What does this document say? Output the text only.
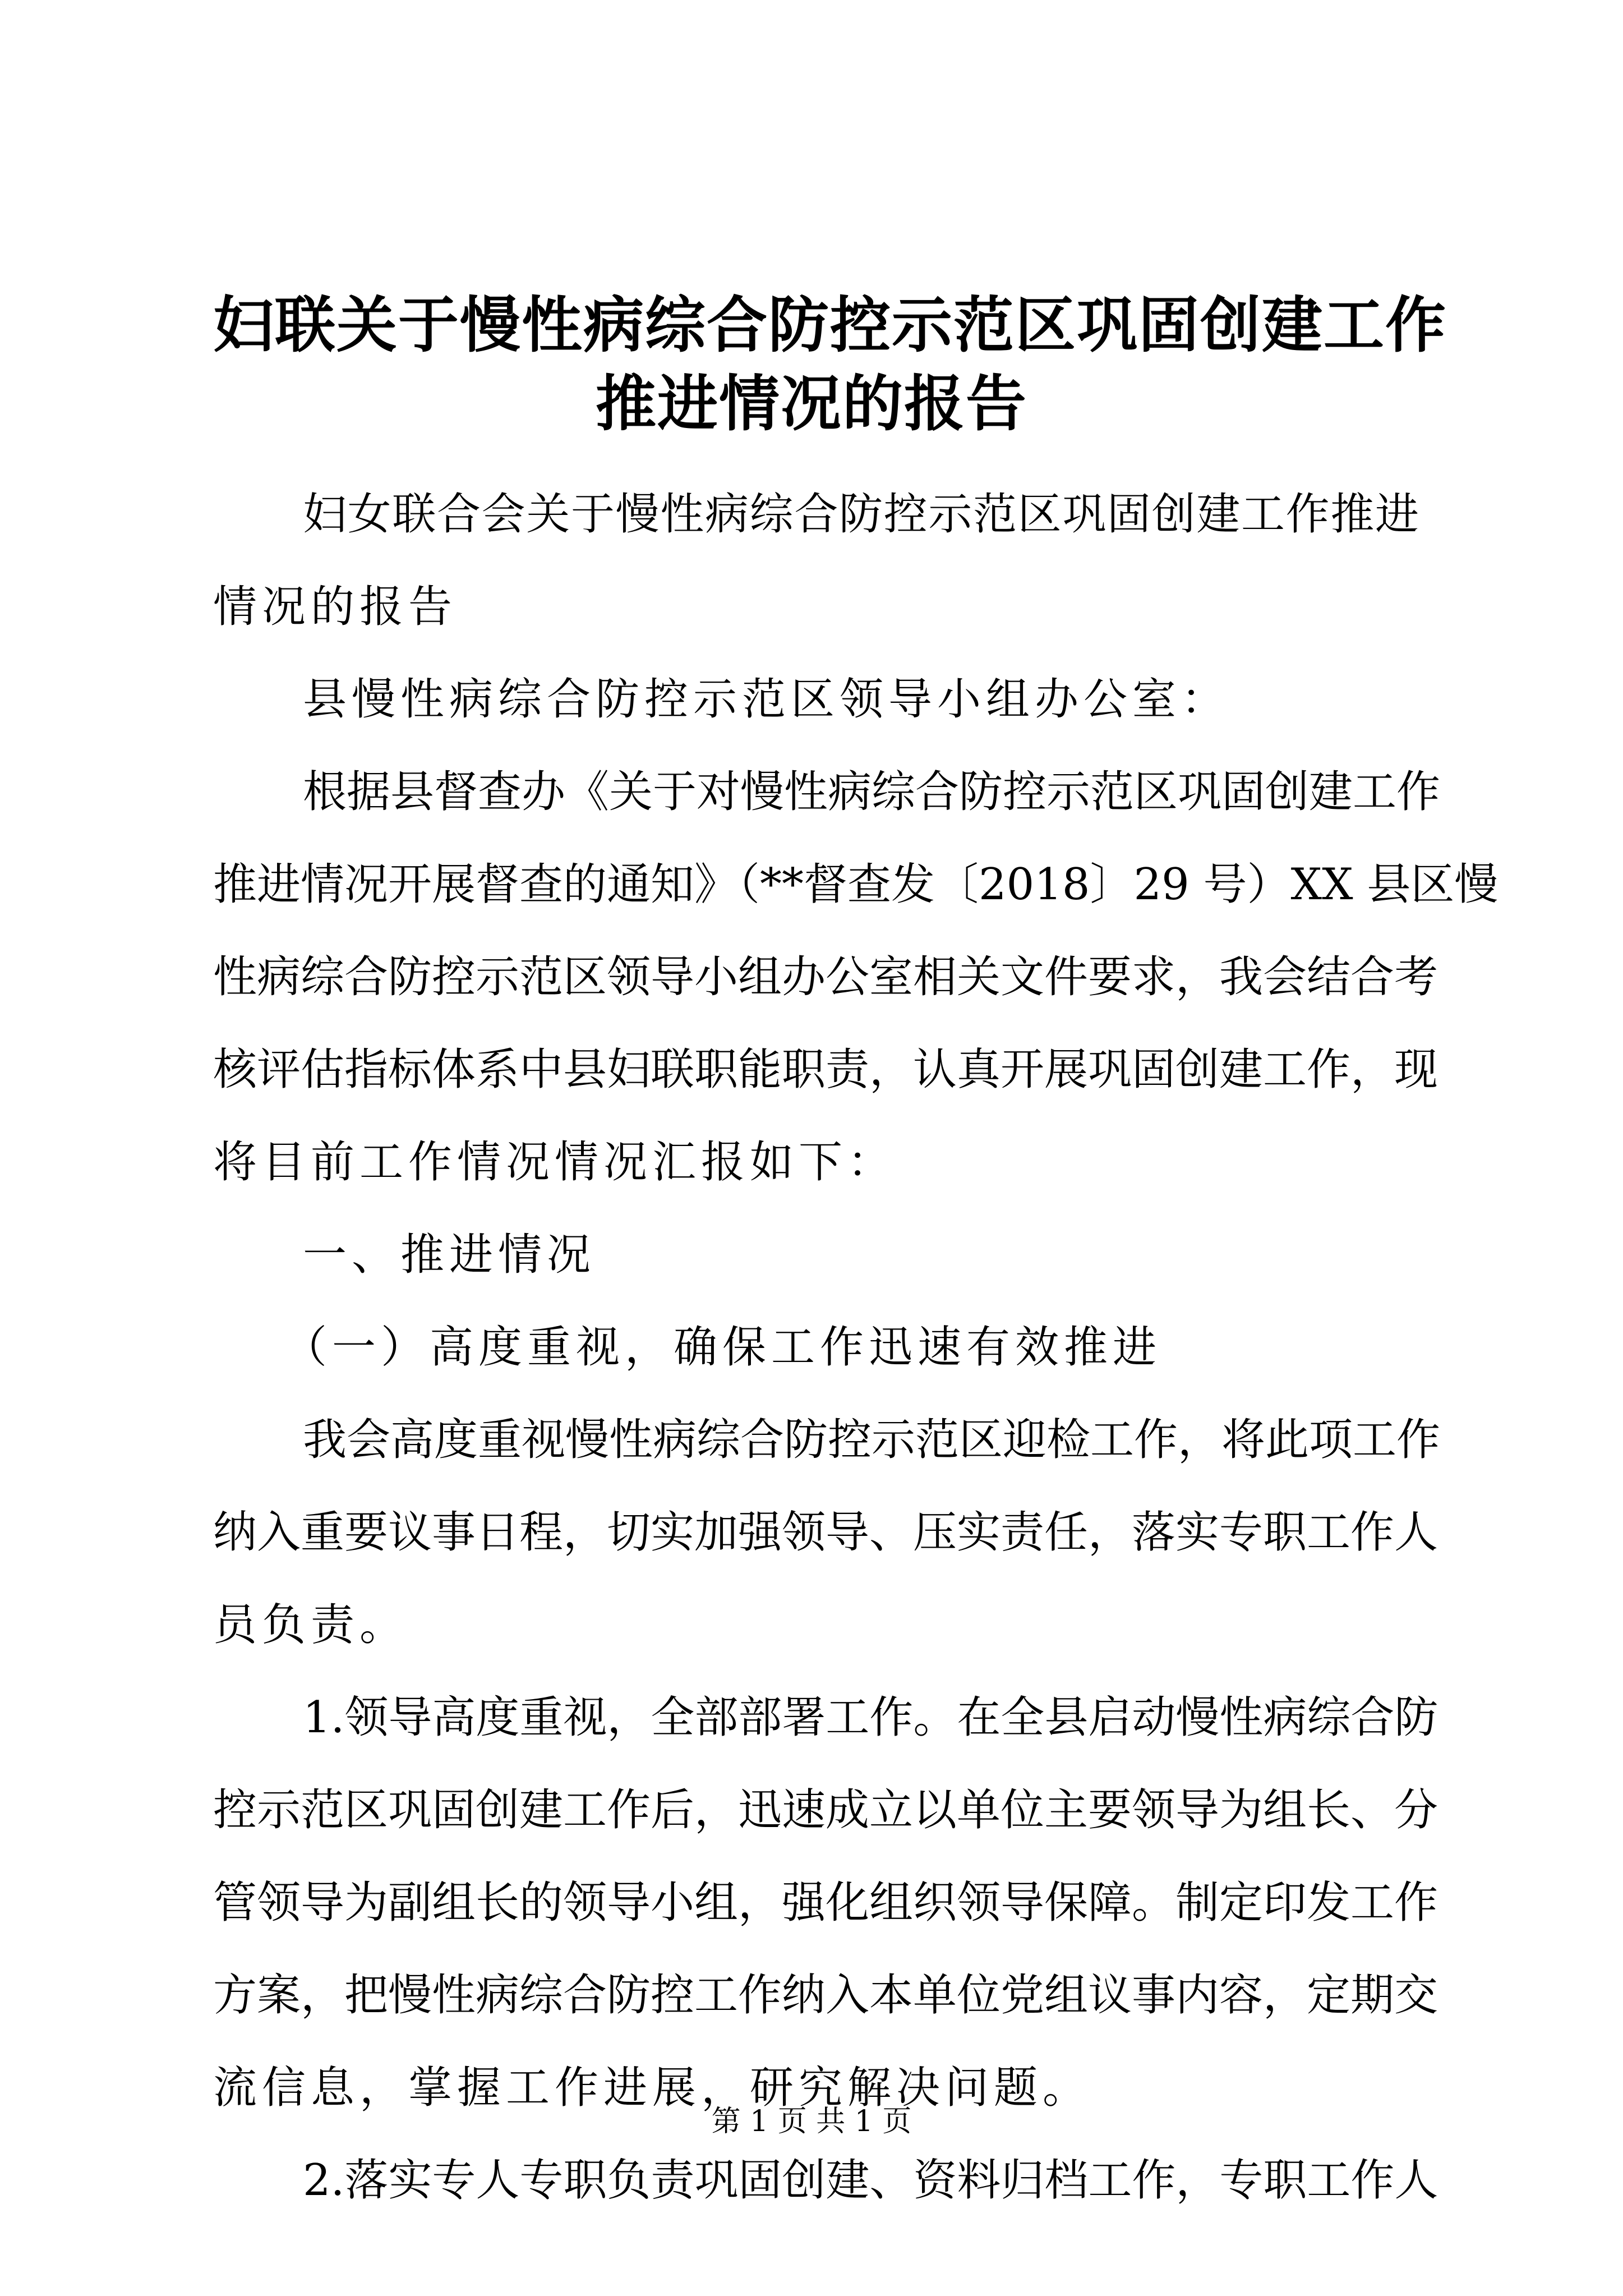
妇联关于慢性病综合防控示范区巩固创建工作
推进情况的报告
妇女联合会关于慢性病综合防控示范区巩固创建工作推进
情况的报告
县慢性病综合防控示范区领导小组办公室：
根据县督查办《关于对慢性病综合防控示范区巩固创建工作
推进情况开展督查的通知》（**督查发〔2018〕29 号）XX 县区慢
性病综合防控示范区领导小组办公室相关文件要求，我会结合考
核评估指标体系中县妇联职能职责，认真开展巩固创建工作，现
将目前工作情况情况汇报如下：
一、推进情况
（一）高度重视，确保工作迅速有效推进
我会高度重视慢性病综合防控示范区迎检工作，将此项工作
纳入重要议事日程，切实加强领导、压实责任，落实专职工作人
员负责。
1.领导高度重视，全部部署工作。在全县启动慢性病综合防
控示范区巩固创建工作后，迅速成立以单位主要领导为组长、分
管领导为副组长的领导小组，强化组织领导保障。制定印发工作
方案，把慢性病综合防控工作纳入本单位党组议事内容，定期交
流信息，掌握工作进展，研究解决问题。
2.落实专人专职负责巩固创建、资料归档工作，专职工作人
第 1 页 共 1 页
